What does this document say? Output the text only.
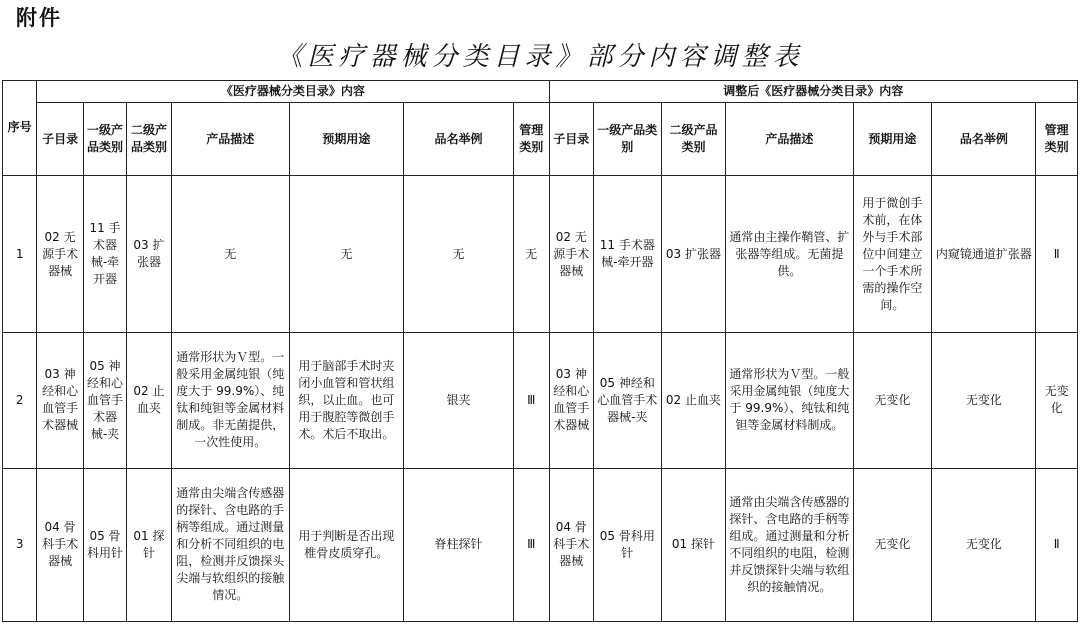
附件
《医疗器械分类目录》部分内容调整表
序号	《医疗器械分类目录》内容							调整后《医疗器械分类目录》内容						
	子目录	一级产品类别	二级产品类别	产品描述	预期用途	品名举例	管理类别	子目录	一级产品类别	二级产品类别	产品描述	预期用途	品名举例	管理类别
1	02 无源手术器械	11 手术器械-牵开器	03 扩张器	无	无	无	无	02 无源手术器械	11 手术器械-牵开器	03 扩张器	通常由主操作鞘管、扩张器等组成。无菌提供。	用于微创手术前，在体外与手术部位中间建立一个手术所需的操作空间。	内窥镜通道扩张器	Ⅱ
2	03 神经和心血管手术器械	05 神经和心血管手术器械-夹	02 止血夹	通常形状为Ｖ型。一般采用金属纯银（纯度大于 99.9%）、纯钛和纯钽等金属材料制成。非无菌提供，一次性使用。	用于脑部手术时夹闭小血管和管状组织，以止血。也可用于腹腔等微创手术。术后不取出。	银夹	Ⅲ	03 神经和心血管手术器械	05 神经和心血管手术器械-夹	02 止血夹	通常形状为Ｖ型。一般采用金属纯银（纯度大于 99.9%）、纯钛和纯钽等金属材料制成。	无变化	无变化	无变化
3	04 骨科手术器械	05 骨科用针	01 探针	通常由尖端含传感器的探针、含电路的手柄等组成。通过测量和分析不同组织的电阻，检测并反馈探头尖端与软组织的接触情况。	用于判断是否出现椎骨皮质穿孔。	脊柱探针	Ⅲ	04 骨科手术器械	05 骨科用针	01 探针	通常由尖端含传感器的探针、含电路的手柄等组成。通过测量和分析不同组织的电阻，检测并反馈探针尖端与软组织的接触情况。	无变化	无变化	Ⅱ
